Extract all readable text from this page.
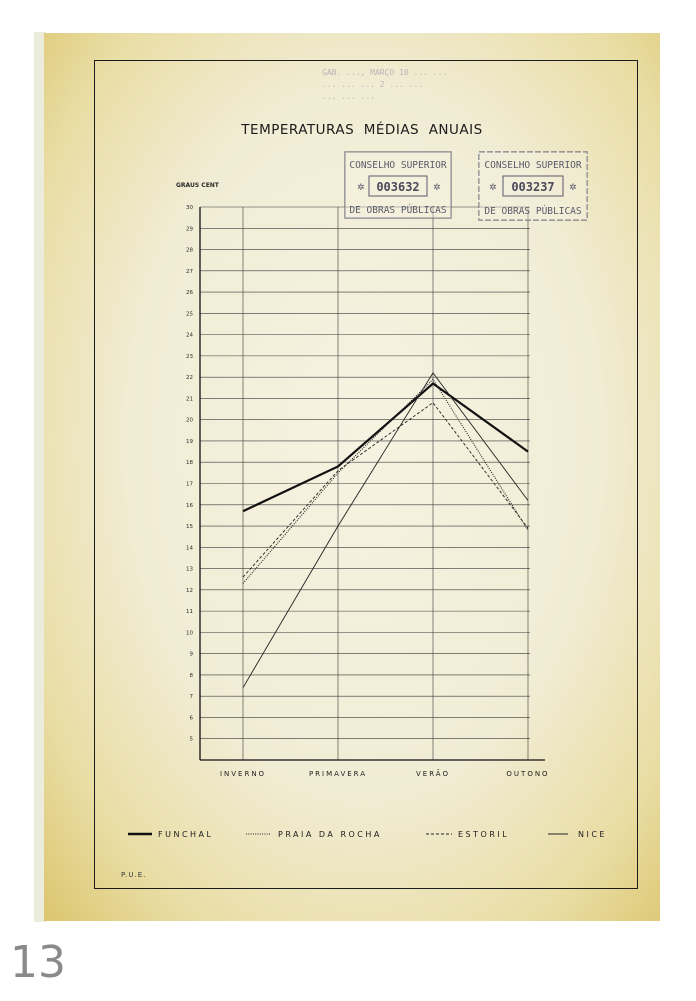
GAB. ..., MARÇO 10 ... ...
... ... ... 2 ... ...
... ... ...
TEMPERATURAS  MÉDIAS  ANUAIS
GRAUS CENT
5
6
7
8
9
10
11
12
13
14
15
16
17
18
19
20
21
22
23
24
25
26
27
28
29
30
INVERNO	PRIMAVERA	VERÃO	OUTONO
CONSELHO SUPERIOR
003632
✲	✲
DE OBRAS PÚBLICAS
CONSELHO SUPERIOR
003237
✲	✲
DE OBRAS PÚBLICAS
FUNCHAL	PRAIA DA ROCHA	ESTORIL	NICE
P.U.E.
13
